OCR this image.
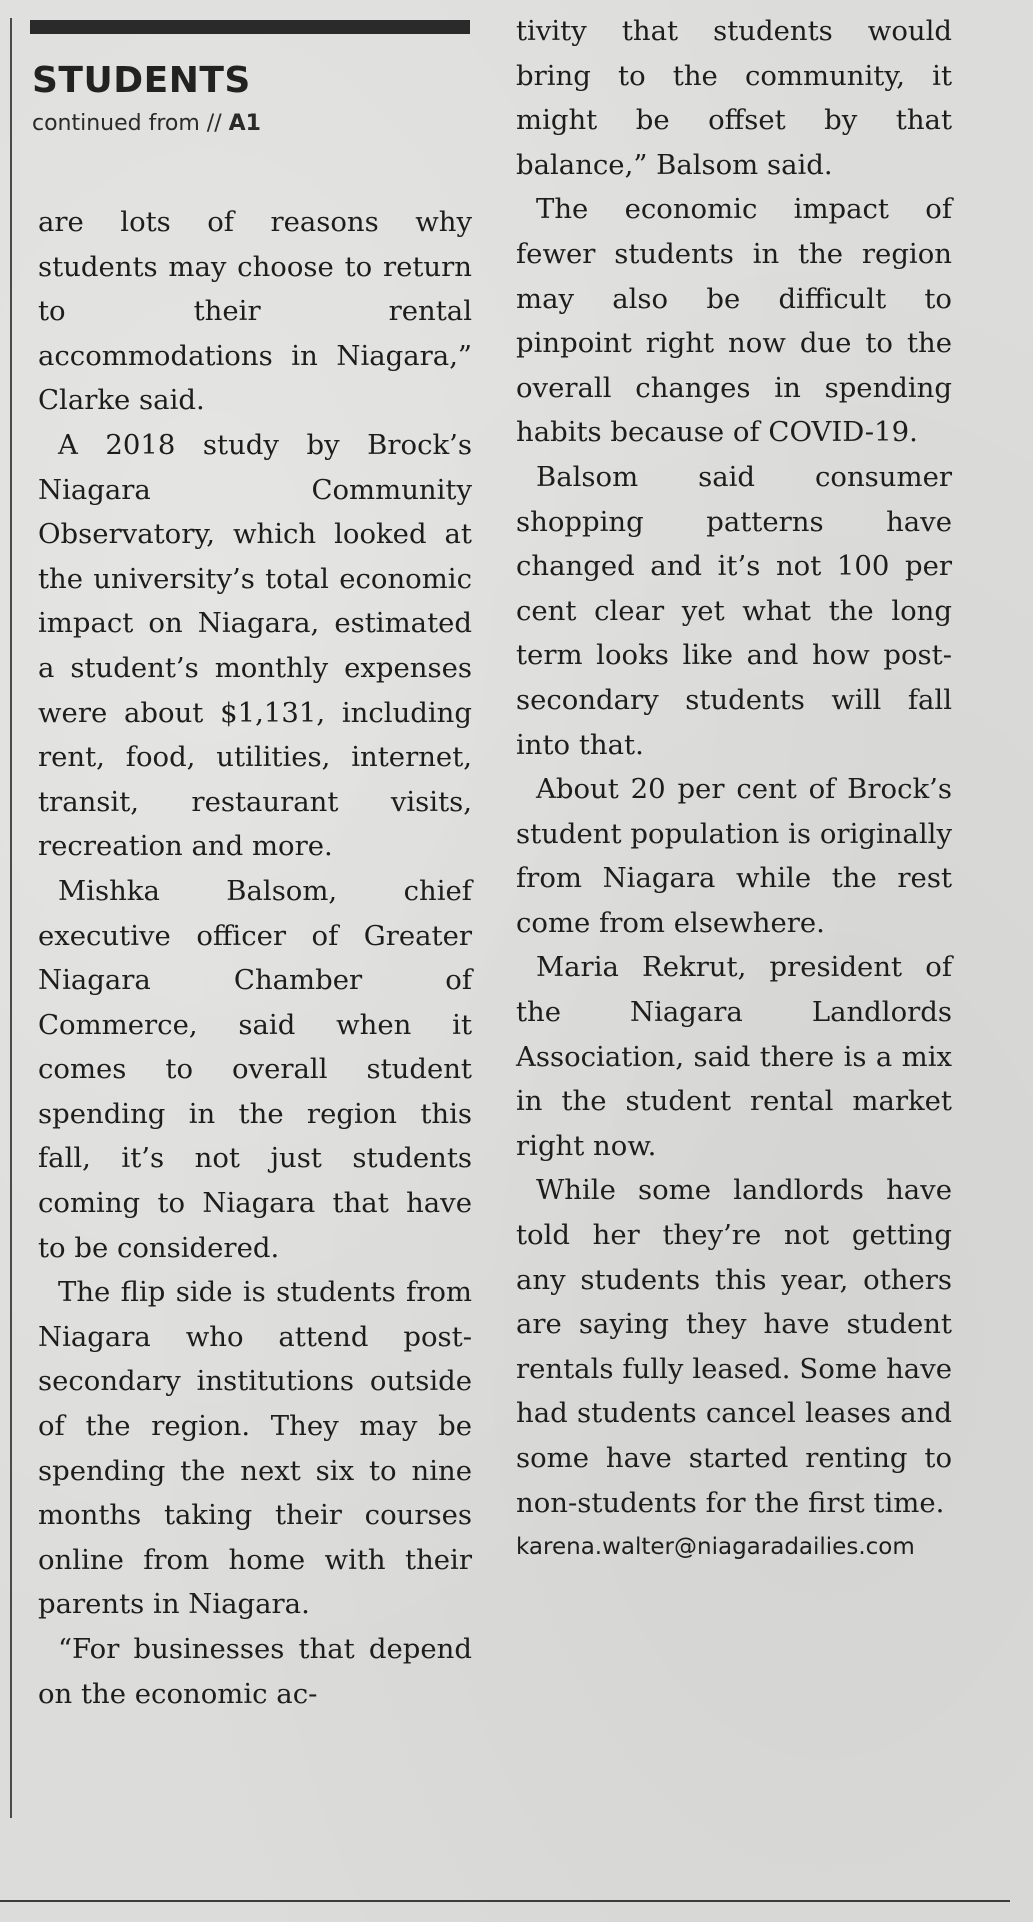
STUDENTS
continued from // A1

are lots of reasons why students may choose to return to their rental accommodations in Niagara,” Clarke said.

A 2018 study by Brock’s Niagara Community Observatory, which looked at the university’s total economic impact on Niagara, estimated a student’s monthly expenses were about $1,131, including rent, food, utilities, internet, transit, restaurant visits, recreation and more.

Mishka Balsom, chief executive officer of Greater Niagara Chamber of Commerce, said when it comes to overall student spending in the region this fall, it’s not just students coming to Niagara that have to be considered.

The flip side is students from Niagara who attend post-secondary institutions outside of the region. They may be spending the next six to nine months taking their courses online from home with their parents in Niagara.

“For businesses that depend on the economic ac-

tivity that students would bring to the community, it might be offset by that balance,” Balsom said.

The economic impact of fewer students in the region may also be difficult to pinpoint right now due to the overall changes in spending habits because of COVID-19.

Balsom said consumer shopping patterns have changed and it’s not 100 per cent clear yet what the long term looks like and how post-secondary students will fall into that.

About 20 per cent of Brock’s student population is originally from Niagara while the rest come from elsewhere.

Maria Rekrut, president of the Niagara Landlords Association, said there is a mix in the student rental market right now.

While some landlords have told her they’re not getting any students this year, others are saying they have student rentals fully leased. Some have had students cancel leases and some have started renting to non-students for the first time.

karena.walter@niagaradailies.com
